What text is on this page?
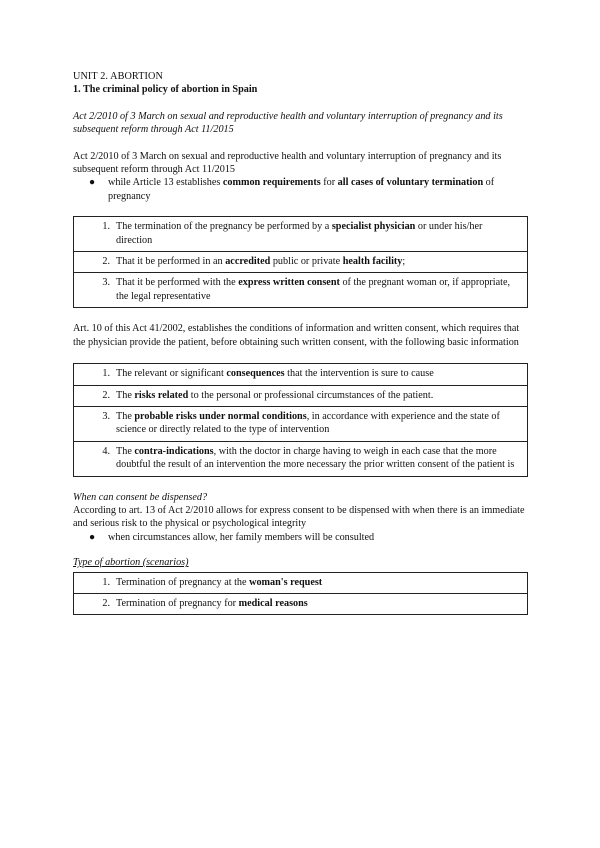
UNIT 2. ABORTION

1. The criminal policy of abortion in Spain

Act 2/2010 of 3 March on sexual and reproductive health and voluntary interruption of pregnancy and its subsequent reform through Act 11/2015

Act 2/2010 of 3 March on sexual and reproductive health and voluntary interruption of pregnancy and its subsequent reform through Act 11/2015

●	while Article 13 establishes common requirements for all cases of voluntary termination of pregnancy
1. The termination of the pregnancy be performed by a specialist physician or under his/her direction

2. That it be performed in an accredited public or private health facility;

3. That it be performed with the express written consent of the pregnant woman or, if appropriate, the legal representative

Art. 10 of this Act 41/2002, establishes the conditions of information and written consent, which requires that the physician provide the patient, before obtaining such written consent, with the following basic information

1. The relevant or significant consequences that the intervention is sure to cause

2. The risks related to the personal or professional circumstances of the patient.

3. The probable risks under normal conditions, in accordance with experience and the state of science or directly related to the type of intervention

4. The contra-indications, with the doctor in charge having to weigh in each case that the more doubtful the result of an intervention the more necessary the prior written consent of the patient is

When can consent be dispensed?

According to art. 13 of Act 2/2010 allows for express consent to be dispensed with when there is an immediate and serious risk to the physical or psychological integrity

●	when circumstances allow, her family members will be consulted

Type of abortion (scenarios)

1. Termination of pregnancy at the woman's request

2. Termination of pregnancy for medical reasons
